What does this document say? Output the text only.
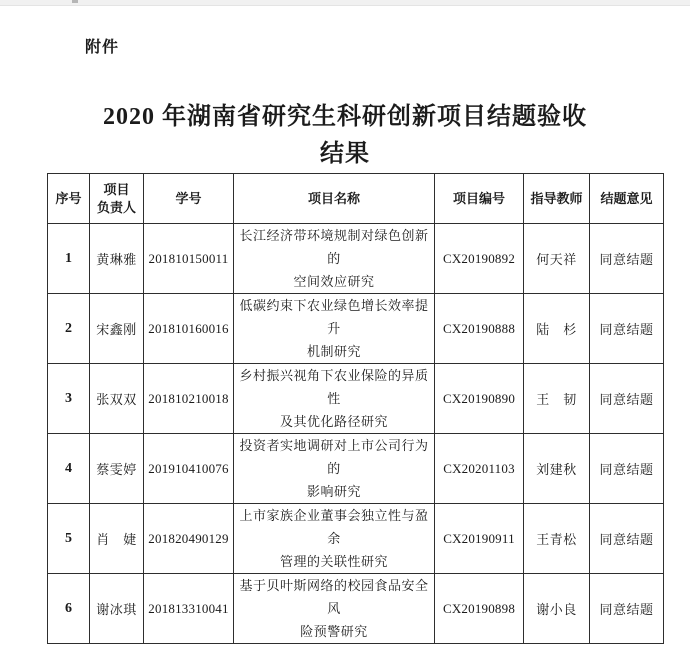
附件
2020 年湖南省研究生科研创新项目结题验收
结果
序号	项目
负责人	学号	项目名称	项目编号	指导教师	结题意见
1	黄琳雅	201810150011	长江经济带环境规制对绿色创新的
空间效应研究	CX20190892	何天祥	同意结题
2	宋鑫刚	201810160016	低碳约束下农业绿色增长效率提升
机制研究	CX20190888	陆　杉	同意结题
3	张双双	201810210018	乡村振兴视角下农业保险的异质性
及其优化路径研究	CX20190890	王　韧	同意结题
4	蔡雯婷	201910410076	投资者实地调研对上市公司行为的
影响研究	CX20201103	刘建秋	同意结题
5	肖　婕	201820490129	上市家族企业董事会独立性与盈余
管理的关联性研究	CX20190911	王青松	同意结题
6	谢冰琪	201813310041	基于贝叶斯网络的校园食品安全风
险预警研究	CX20190898	谢小良	同意结题
